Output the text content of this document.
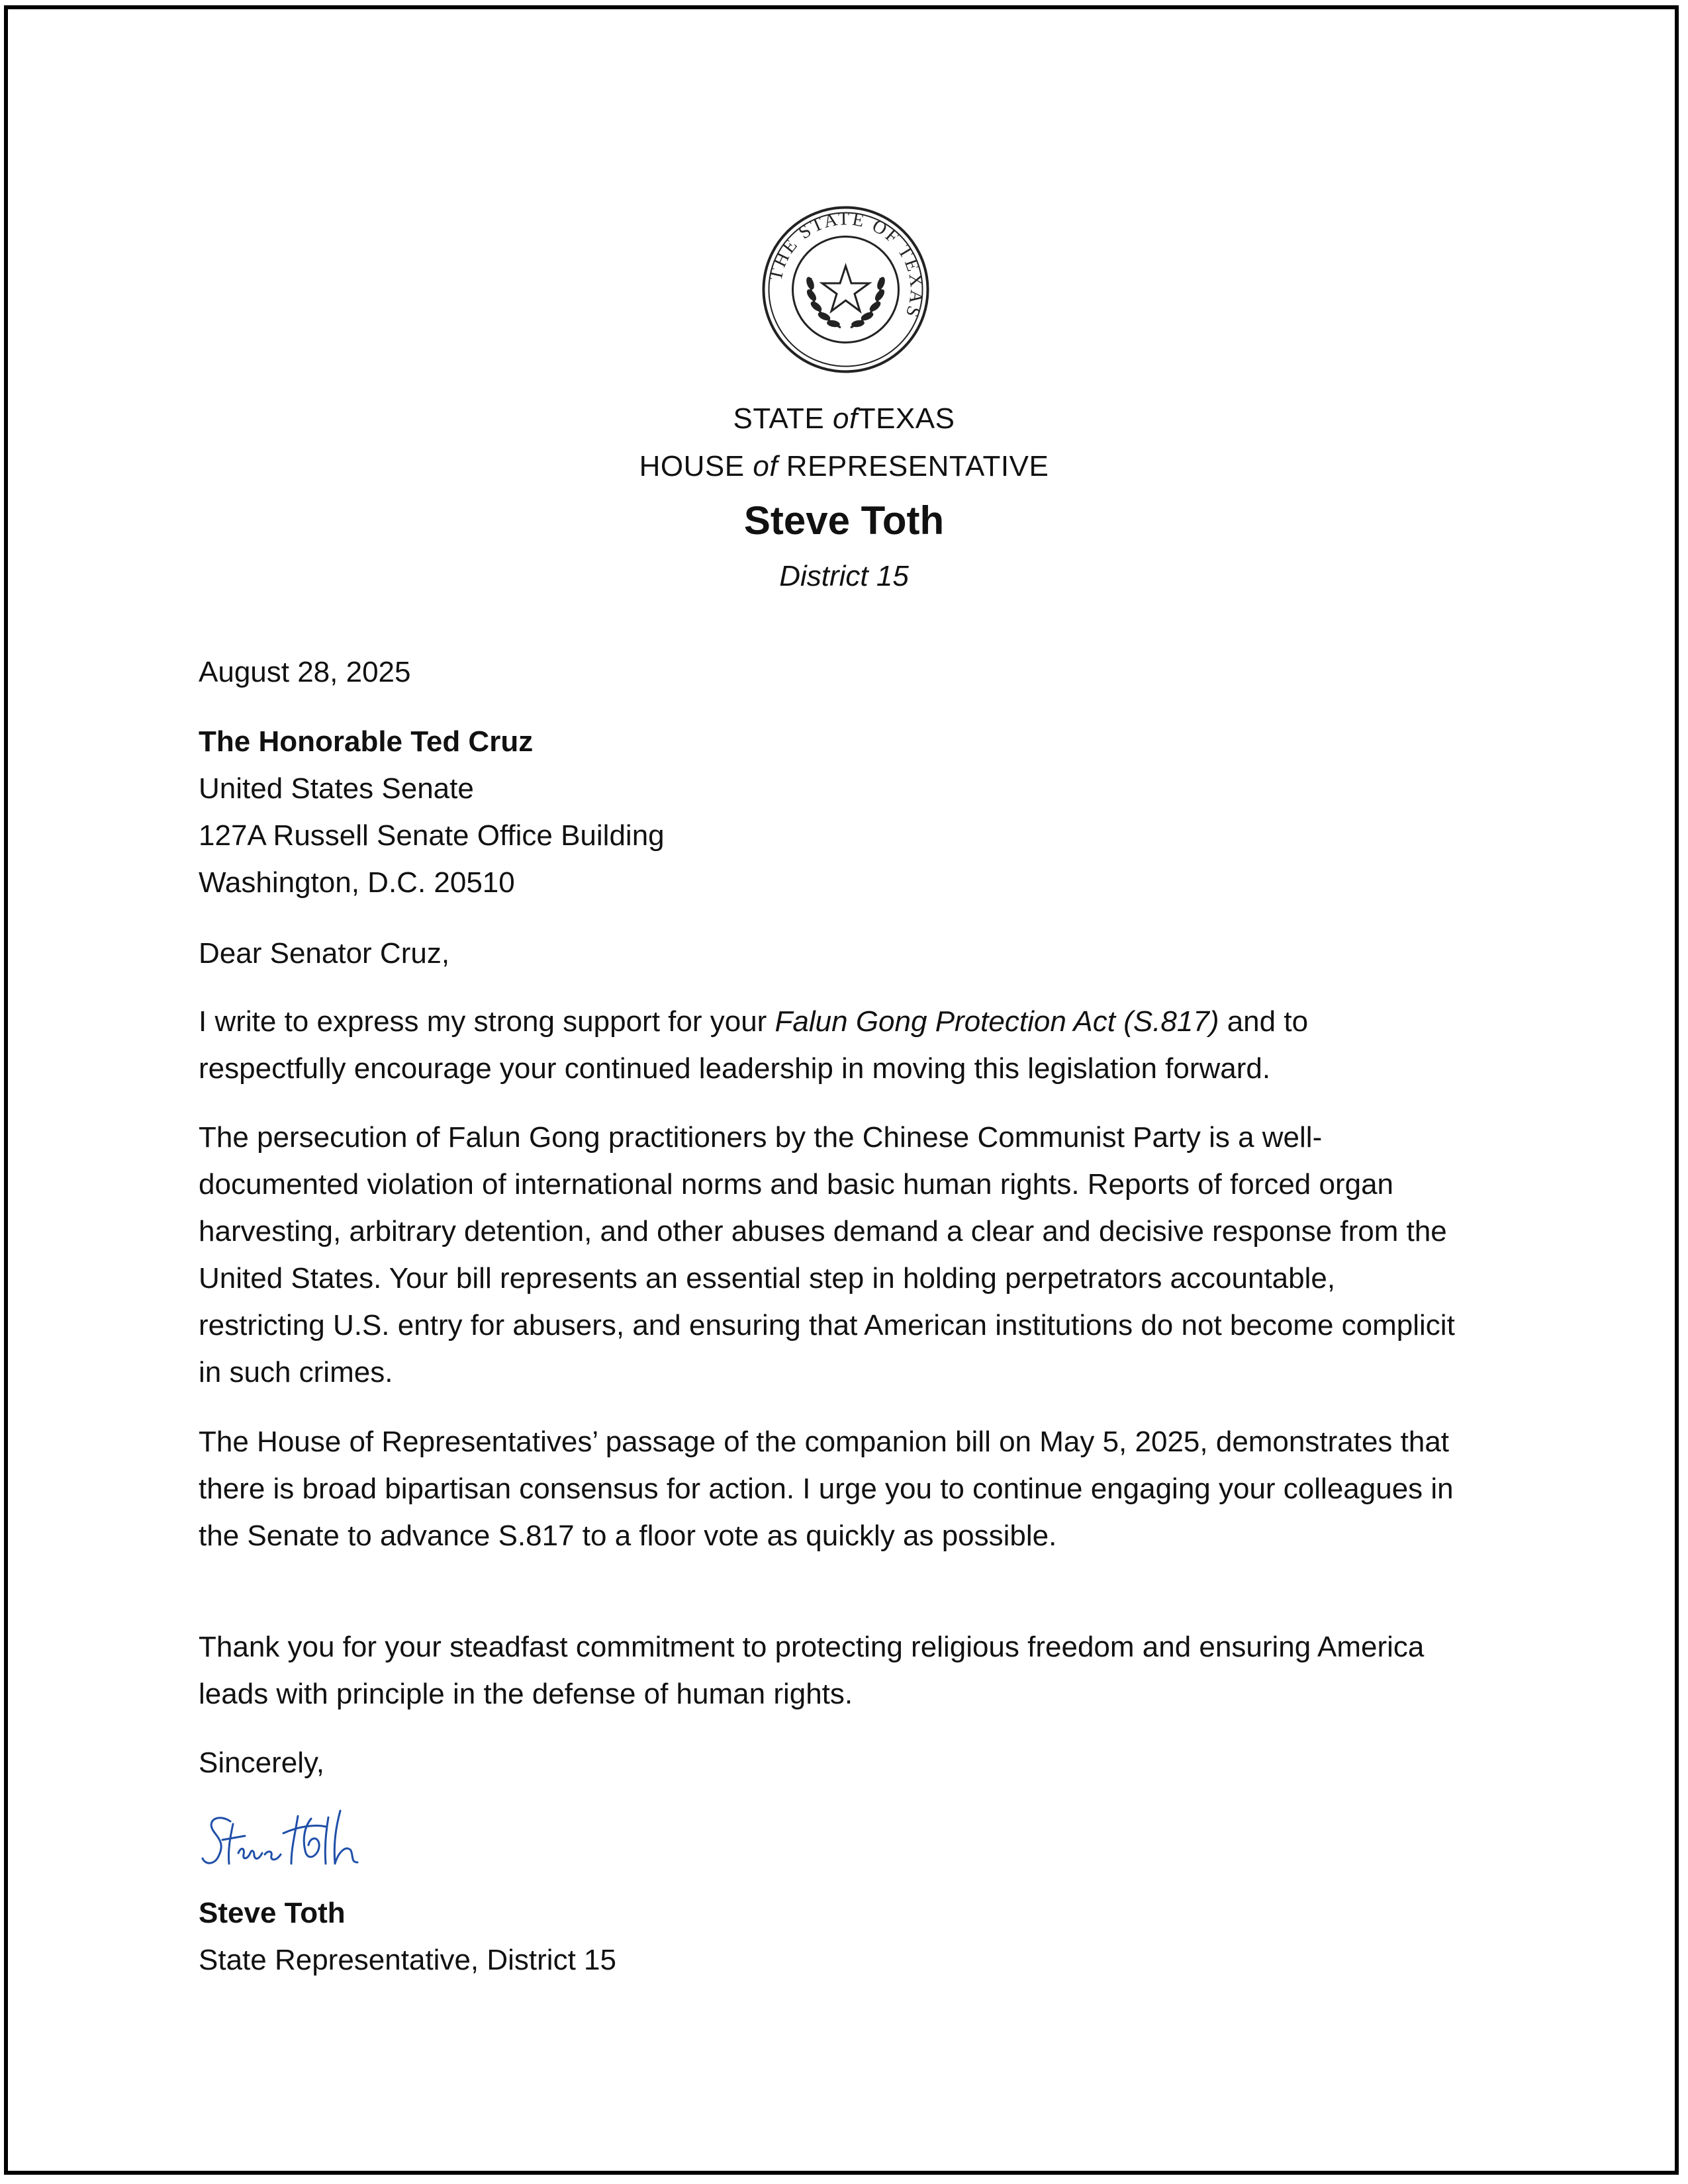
THE STATE OF TEXAS
STATE ofTEXAS
HOUSE of REPRESENTATIVE
Steve Toth
District 15
August 28, 2025

The Honorable Ted Cruz

United States Senate

127A Russell Senate Office Building

Washington, D.C. 20510

Dear Senator Cruz,

I write to express my strong support for your Falun Gong Protection Act (S.817) and to respectfully encourage your continued leadership in moving this legislation forward.

The persecution of Falun Gong practitioners by the Chinese Communist Party is a well-documented violation of international norms and basic human rights. Reports of forced organ harvesting, arbitrary detention, and other abuses demand a clear and decisive response from the United States. Your bill represents an essential step in holding perpetrators accountable, restricting U.S. entry for abusers, and ensuring that American institutions do not become complicit in such crimes.

The House of Representatives’ passage of the companion bill on May 5, 2025, demonstrates that there is broad bipartisan consensus for action. I urge you to continue engaging your colleagues in the Senate to advance S.817 to a floor vote as quickly as possible.

Thank you for your steadfast commitment to protecting religious freedom and ensuring America leads with principle in the defense of human rights.

Sincerely,

Steve Toth

State Representative, District 15
